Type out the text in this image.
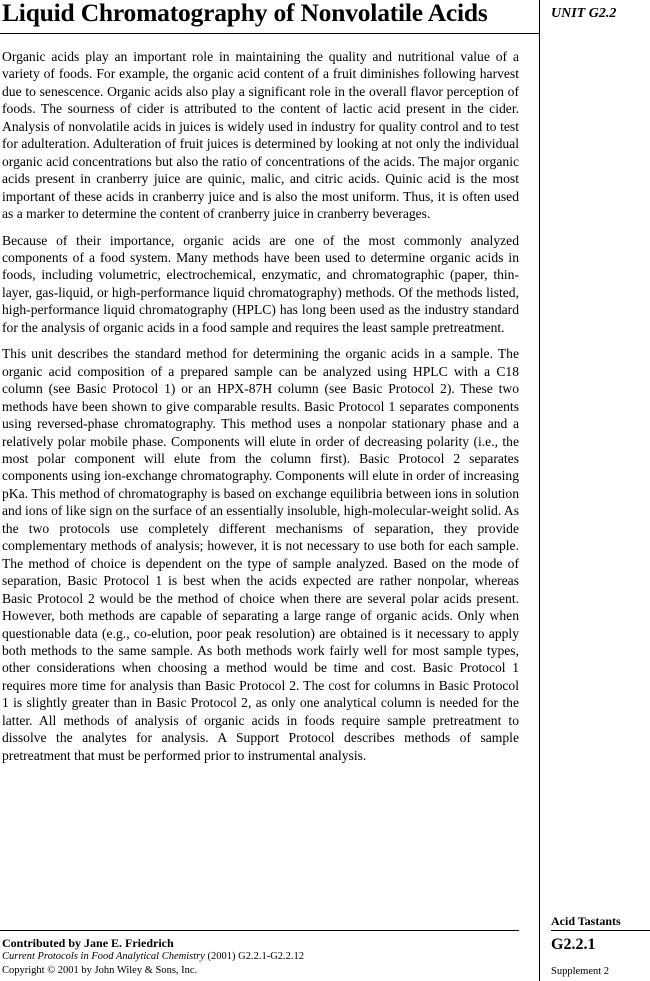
Liquid Chromatography of Nonvolatile Acids	UNIT G2.2

Organic acids play an important role in maintaining the quality and nutritional value of a variety of foods. For example, the organic acid content of a fruit diminishes following harvest due to senescence. Organic acids also play a significant role in the overall flavor perception of foods. The sourness of cider is attributed to the content of lactic acid present in the cider. Analysis of nonvolatile acids in juices is widely used in industry for quality control and to test for adulteration. Adulteration of fruit juices is determined by looking at not only the individual organic acid concentrations but also the ratio of concentrations of the acids. The major organic acids present in cranberry juice are quinic, malic, and citric acids. Quinic acid is the most important of these acids in cranberry juice and is also the most uniform. Thus, it is often used as a marker to determine the content of cranberry juice in cranberry beverages.

Because of their importance, organic acids are one of the most commonly analyzed components of a food system. Many methods have been used to determine organic acids in foods, including volumetric, electrochemical, enzymatic, and chromatographic (paper, thin-layer, gas-liquid, or high-performance liquid chromatography) methods. Of the methods listed, high-performance liquid chromatography (HPLC) has long been used as the industry standard for the analysis of organic acids in a food sample and requires the least sample pretreatment.

This unit describes the standard method for determining the organic acids in a sample. The organic acid composition of a prepared sample can be analyzed using HPLC with a C18 column (see Basic Protocol 1) or an HPX-87H column (see Basic Protocol 2). These two methods have been shown to give comparable results. Basic Protocol 1 separates components using reversed-phase chromatography. This method uses a nonpolar stationary phase and a relatively polar mobile phase. Components will elute in order of decreasing polarity (i.e., the most polar component will elute from the column first). Basic Protocol 2 separates components using ion-exchange chromatography. Components will elute in order of increasing pKa. This method of chromatography is based on exchange equilibria between ions in solution and ions of like sign on the surface of an essentially insoluble, high-molecular-weight solid. As the two protocols use completely different mechanisms of separation, they provide complementary methods of analysis; however, it is not necessary to use both for each sample. The method of choice is dependent on the type of sample analyzed. Based on the mode of separation, Basic Protocol 1 is best when the acids expected are rather nonpolar, whereas Basic Protocol 2 would be the method of choice when there are several polar acids present. However, both methods are capable of separating a large range of organic acids. Only when questionable data (e.g., co-elution, poor peak resolution) are obtained is it necessary to apply both methods to the same sample. As both methods work fairly well for most sample types, other considerations when choosing a method would be time and cost. Basic Protocol 1 requires more time for analysis than Basic Protocol 2. The cost for columns in Basic Protocol 1 is slightly greater than in Basic Protocol 2, as only one analytical column is needed for the latter. All methods of analysis of organic acids in foods require sample pretreatment to dissolve the analytes for analysis. A Support Protocol describes methods of sample pretreatment that must be performed prior to instrumental analysis.

Contributed by Jane E. Friedrich
Current Protocols in Food Analytical Chemistry (2001) G2.2.1-G2.2.12
Copyright © 2001 by John Wiley & Sons, Inc.
Acid Tastants
G2.2.1
Supplement 2
